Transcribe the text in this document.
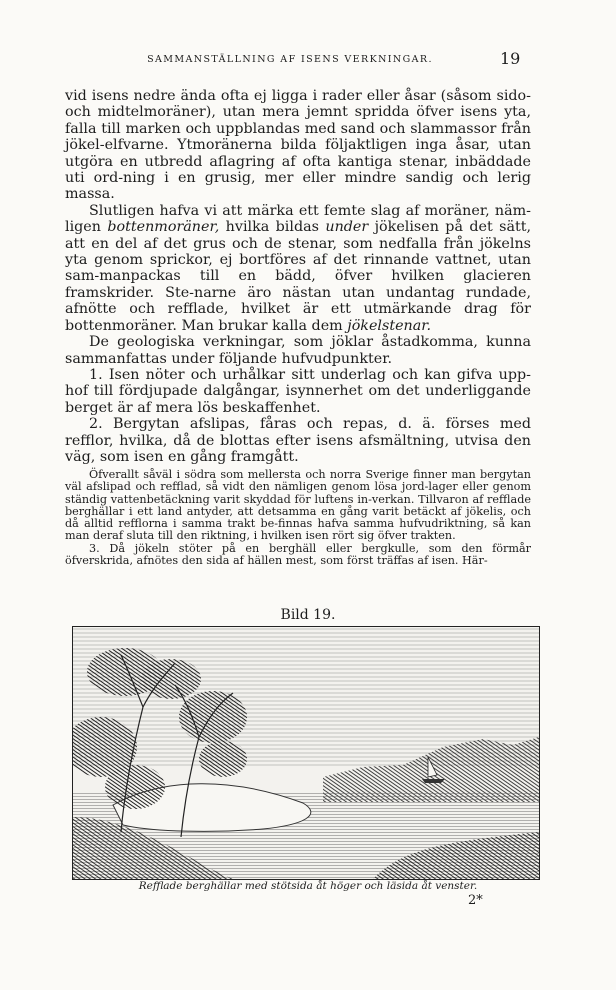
SAMMANSTÄLLNING AF ISENS VERKNINGAR.	19

vid isens nedre ända ofta ej ligga i rader eller åsar (såsom sido- och midtelmoräner), utan mera jemnt spridda öfver isens yta, falla till marken och uppblandas med sand och slammassor från jökel-elfvarne. Ytmoränerna bilda följaktligen inga åsar, utan utgöra en utbredd aflagring af ofta kantiga stenar, inbäddade uti ord-ning i en grusig, mer eller mindre sandig och lerig massa.

Slutligen hafva vi att märka ett femte slag af moräner, näm-ligen bottenmoräner, hvilka bildas under jökelisen på det sätt, att en del af det grus och de stenar, som nedfalla från jökelns yta genom sprickor, ej bortföres af det rinnande vattnet, utan sam-manpackas till en bädd, öfver hvilken glacieren framskrider. Ste-narne äro nästan utan undantag rundade, afnötte och refflade, hvilket är ett utmärkande drag för bottenmoräner. Man brukar kalla dem jökelstenar.

De geologiska verkningar, som jöklar åstadkomma, kunna sammanfattas under följande hufvudpunkter.

1. Isen nöter och urhålkar sitt underlag och kan gifva upp-hof till fördjupade dalgångar, isynnerhet om det underliggande berget är af mera lös beskaffenhet.

2. Bergytan afslipas, fåras och repas, d. ä. förses med refflor, hvilka, då de blottas efter isens afsmältning, utvisa den väg, som isen en gång framgått.

Öfverallt såväl i södra som mellersta och norra Sverige finner man bergytan väl afslipad och refflad, så vidt den nämligen genom lösa jord-lager eller genom ständig vattenbetäckning varit skyddad för luftens in-verkan. Tillvaron af refflade berghällar i ett land antyder, att detsamma en gång varit betäckt af jökelis, och då alltid refflorna i samma trakt be-finnas hafva samma hufvudriktning, så kan man deraf sluta till den riktning, i hvilken isen rört sig öfver trakten.

3. Då jökeln stöter på en berghäll eller bergkulle, som den förmår öfverskrida, afnötes den sida af hällen mest, som först träffas af isen. Här-

Bild 19.
Refflade berghällar med stötsida åt höger och läsida åt venster.
2*
